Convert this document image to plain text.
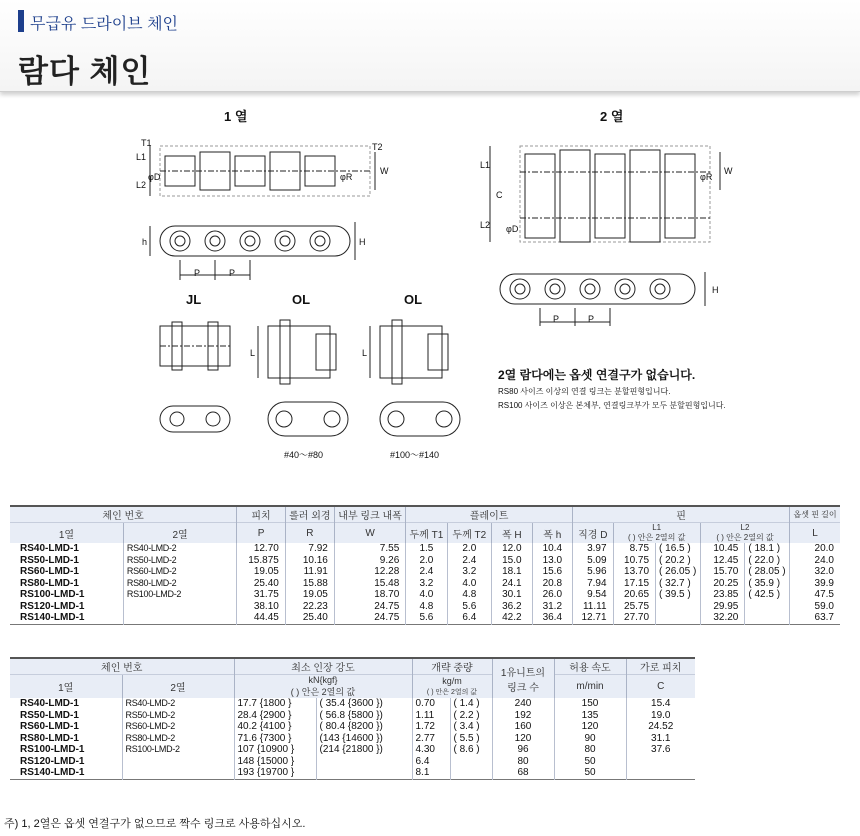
무급유 드라이브 체인
람다 체인
1 열	2 열
T1	T2
L1
L2
φD	φR
W
h	H
P	P
L1
L2
C
φD
φR
W
H
P	P
JL	OL	OL
L	L
#40～#80	#100～#140
2열 람다에는 옵셋 연결구가 없습니다.
RS80 사이즈 이상의 연결 링크는 분할핀형입니다.
RS100 사이즈 이상은 본체부, 연결링크부가 모두 분할핀형입니다.
체인 번호		피치	롤러 외경	내부 링크 내폭	플레이트				핀					옵셋 핀 길이
1열	2열	P	R	W	두께 T1	두께 T2	폭 H	폭 h	직경 D	L1
( ) 안은 2열의 값		L2
( ) 안은 2열의 값		L
RS40-LMD-1	RS40-LMD-2	12.70	7.92	7.55	1.5	2.0	12.0	10.4	3.97	8.75	( 16.5 )	10.45	( 18.1 )	20.0
RS50-LMD-1	RS50-LMD-2	15.875	10.16	9.26	2.0	2.4	15.0	13.0	5.09	10.75	( 20.2 )	12.45	( 22.0 )	24.0
RS60-LMD-1	RS60-LMD-2	19.05	11.91	12.28	2.4	3.2	18.1	15.6	5.96	13.70	( 26.05 )	15.70	( 28.05 )	32.0
RS80-LMD-1	RS80-LMD-2	25.40	15.88	15.48	3.2	4.0	24.1	20.8	7.94	17.15	( 32.7 )	20.25	( 35.9 )	39.9
RS100-LMD-1	RS100-LMD-2	31.75	19.05	18.70	4.0	4.8	30.1	26.0	9.54	20.65	( 39.5 )	23.85	( 42.5 )	47.5
RS120-LMD-1		38.10	22.23	24.75	4.8	5.6	36.2	31.2	11.11	25.75		29.95		59.0
RS140-LMD-1		44.45	25.40	24.75	5.6	6.4	42.2	36.4	12.71	27.70		32.20		63.7
체인 번호		최소 인장 강도		개략 중량		1유니트의 링크 수	허용 속도	가로 피치
1열	2열	kN{kgf}
( ) 안은 2열의 값		kg/m
( ) 안은 2열의 값			m/min	C
RS40-LMD-1	RS40-LMD-2	17.7 {1800 }	( 35.4 {3600 })	0.70	( 1.4 )	240	150	15.4
RS50-LMD-1	RS50-LMD-2	28.4 {2900 }	( 56.8 {5800 })	1.11	( 2.2 )	192	135	19.0
RS60-LMD-1	RS60-LMD-2	40.2 {4100 }	( 80.4 {8200 })	1.72	( 3.4 )	160	120	24.52
RS80-LMD-1	RS80-LMD-2	71.6 {7300 }	(143 {14600 })	2.77	( 5.5 )	120	90	31.1
RS100-LMD-1	RS100-LMD-2	107 {10900 }	(214 {21800 })	4.30	( 8.6 )	96	80	37.6
RS120-LMD-1		148 {15000 }		6.4		80	50	
RS140-LMD-1		193 {19700 }		8.1		68	50	
주) 1, 2열은 옵셋 연결구가 없으므로 짝수 링크로 사용하십시오.
